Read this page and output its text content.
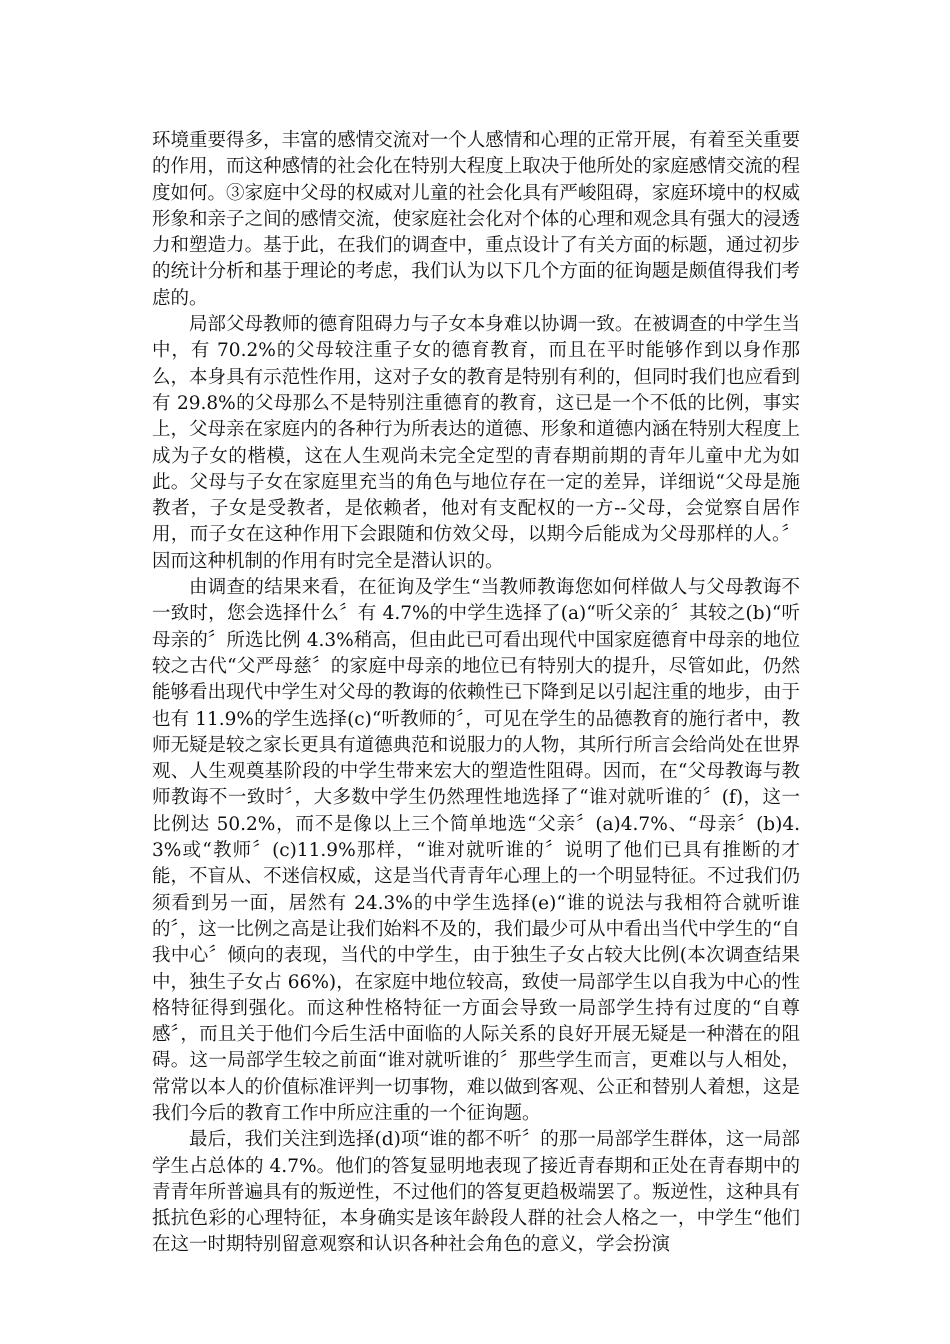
环境重要得多，丰富的感情交流对一个人感情和心理的正常开展，有着至关重要的作用，而这种感情的社会化在特别大程度上取决于他所处的家庭感情交流的程度如何。③家庭中父母的权威对儿童的社会化具有严峻阻碍，家庭环境中的权威形象和亲子之间的感情交流，使家庭社会化对个体的心理和观念具有强大的浸透力和塑造力。基于此，在我们的调查中，重点设计了有关方面的标题，通过初步的统计分析和基于理论的考虑，我们认为以下几个方面的征询题是颇值得我们考虑的。

局部父母教师的德育阻碍力与子女本身难以协调一致。在被调查的中学生当中，有 70.2%的父母较注重子女的德育教育，而且在平时能够作到以身作那么，本身具有示范性作用，这对子女的教育是特别有利的，但同时我们也应看到有 29.8%的父母那么不是特别注重德育的教育，这已是一个不低的比例，事实上，父母亲在家庭内的各种行为所表达的道德、形象和道德内涵在特别大程度上成为子女的楷模，这在人生观尚未完全定型的青春期前期的青年儿童中尤为如此。父母与子女在家庭里充当的角色与地位存在一定的差异，详细说“父母是施教者，子女是受教者，是依赖者，他对有支配权的一方--父母，会觉察自居作用，而子女在这种作用下会跟随和仿效父母，以期今后能成为父母那样的人。〞因而这种机制的作用有时完全是潜认识的。

由调查的结果来看，在征询及学生“当教师教诲您如何样做人与父母教诲不一致时，您会选择什么〞有 4.7%的中学生选择了(a)“听父亲的〞其较之(b)“听母亲的〞所选比例 4.3%稍高，但由此已可看出现代中国家庭德育中母亲的地位较之古代“父严母慈〞的家庭中母亲的地位已有特别大的提升，尽管如此，仍然能够看出现代中学生对父母的教诲的依赖性已下降到足以引起注重的地步，由于也有 11.9%的学生选择(c)“听教师的〞，可见在学生的品德教育的施行者中，教师无疑是较之家长更具有道德典范和说服力的人物，其所行所言会给尚处在世界观、人生观奠基阶段的中学生带来宏大的塑造性阻碍。因而，在“父母教诲与教师教诲不一致时〞，大多数中学生仍然理性地选择了“谁对就听谁的〞(f)，这一比例达 50.2%，而不是像以上三个简单地选“父亲〞(a)4.7%、“母亲〞(b)4.3%或“教师〞(c)11.9%那样，“谁对就听谁的〞说明了他们已具有推断的才能，不盲从、不迷信权威，这是当代青青年心理上的一个明显特征。不过我们仍须看到另一面，居然有 24.3%的中学生选择(e)“谁的说法与我相符合就听谁的〞，这一比例之高是让我们始料不及的，我们最少可从中看出当代中学生的“自我中心〞倾向的表现，当代的中学生，由于独生子女占较大比例(本次调查结果中，独生子女占 66%)，在家庭中地位较高，致使一局部学生以自我为中心的性格特征得到强化。而这种性格特征一方面会导致一局部学生持有过度的“自尊感〞，而且关于他们今后生活中面临的人际关系的良好开展无疑是一种潜在的阻碍。这一局部学生较之前面“谁对就听谁的〞那些学生而言，更难以与人相处，常常以本人的价值标准评判一切事物，难以做到客观、公正和替别人着想，这是我们今后的教育工作中所应注重的一个征询题。

最后，我们关注到选择(d)项“谁的都不听〞的那一局部学生群体，这一局部学生占总体的 4.7%。他们的答复显明地表现了接近青春期和正处在青春期中的青青年所普遍具有的叛逆性，不过他们的答复更趋极端罢了。叛逆性，这种具有抵抗色彩的心理特征，本身确实是该年龄段人群的社会人格之一，中学生“他们在这一时期特别留意观察和认识各种社会角色的意义，学会扮演
